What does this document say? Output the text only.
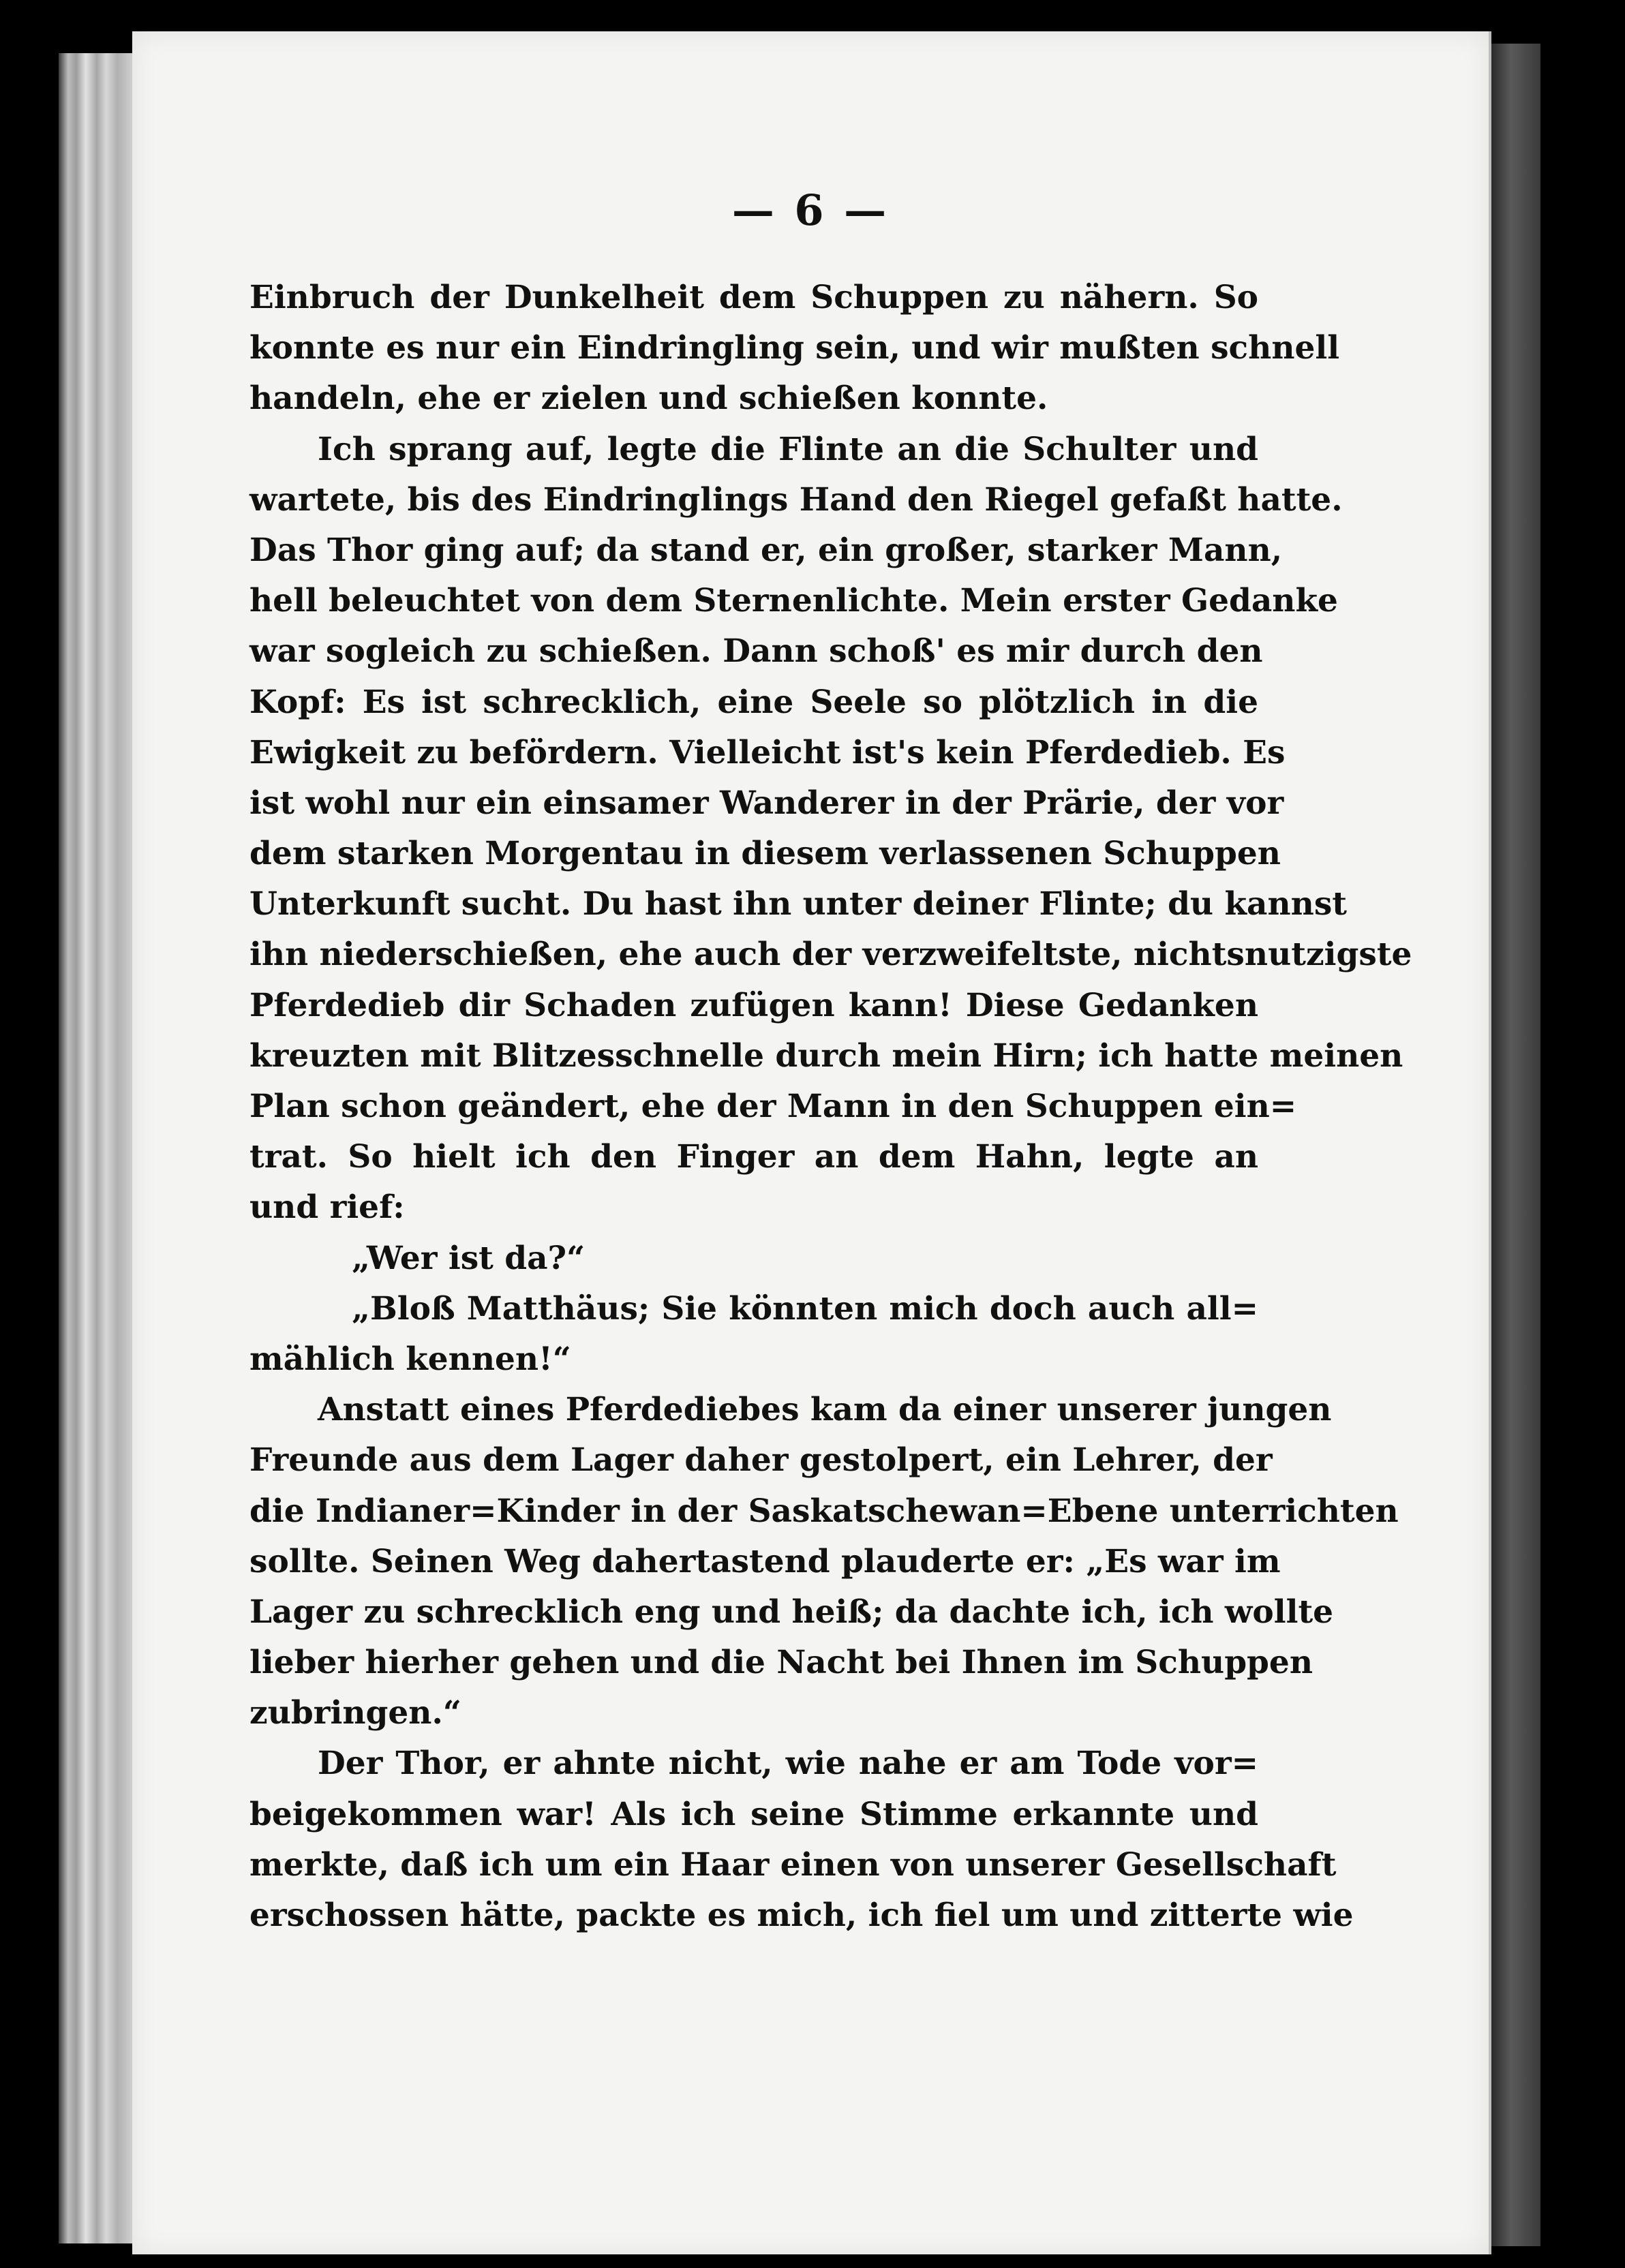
— 6 —
Einbruch der Dunkelheit dem Schuppen zu nähern. So
konnte es nur ein Eindringling sein, und wir mußten schnell
handeln, ehe er zielen und schießen konnte.
Ich sprang auf, legte die Flinte an die Schulter und
wartete, bis des Eindringlings Hand den Riegel gefaßt hatte.
Das Thor ging auf; da stand er, ein großer, starker Mann,
hell beleuchtet von dem Sternenlichte. Mein erster Gedanke
war sogleich zu schießen. Dann schoß' es mir durch den
Kopf: Es ist schrecklich, eine Seele so plötzlich in die
Ewigkeit zu befördern. Vielleicht ist's kein Pferdedieb. Es
ist wohl nur ein einsamer Wanderer in der Prärie, der vor
dem starken Morgentau in diesem verlassenen Schuppen
Unterkunft sucht. Du hast ihn unter deiner Flinte; du kannst
ihn niederschießen, ehe auch der verzweifeltste, nichtsnutzigste
Pferdedieb dir Schaden zufügen kann! Diese Gedanken
kreuzten mit Blitzesschnelle durch mein Hirn; ich hatte meinen
Plan schon geändert, ehe der Mann in den Schuppen ein=
trat. So hielt ich den Finger an dem Hahn, legte an
und rief:
„Wer ist da?“
„Bloß Matthäus; Sie könnten mich doch auch all=
mählich kennen!“
Anstatt eines Pferdediebes kam da einer unserer jungen
Freunde aus dem Lager daher gestolpert, ein Lehrer, der
die Indianer=Kinder in der Saskatschewan=Ebene unterrichten
sollte. Seinen Weg dahertastend plauderte er: „Es war im
Lager zu schrecklich eng und heiß; da dachte ich, ich wollte
lieber hierher gehen und die Nacht bei Ihnen im Schuppen
zubringen.“
Der Thor, er ahnte nicht, wie nahe er am Tode vor=
beigekommen war! Als ich seine Stimme erkannte und
merkte, daß ich um ein Haar einen von unserer Gesellschaft
erschossen hätte, packte es mich, ich fiel um und zitterte wie
